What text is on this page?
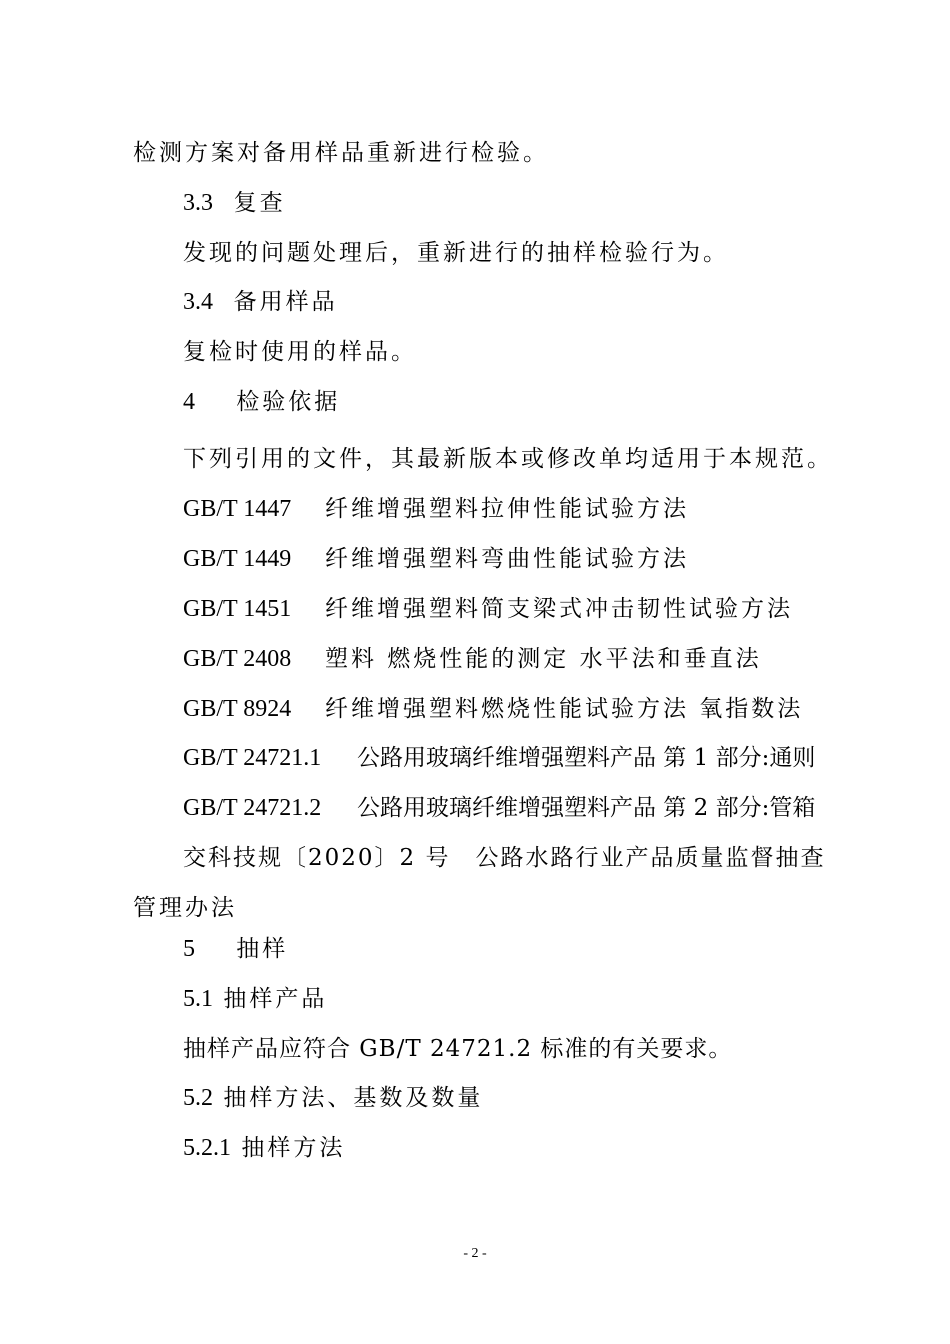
检测方案对备用样品重新进行检验。
3.3 复查
发现的问题处理后，重新进行的抽样检验行为。
3.4 备用样品
复检时使用的样品。
4 检验依据
下列引用的文件，其最新版本或修改单均适用于本规范。
GB/T 1447 纤维增强塑料拉伸性能试验方法
GB/T 1449 纤维增强塑料弯曲性能试验方法
GB/T 1451 纤维增强塑料简支梁式冲击韧性试验方法
GB/T 2408 塑料 燃烧性能的测定 水平法和垂直法
GB/T 8924 纤维增强塑料燃烧性能试验方法 氧指数法
GB/T 24721.1 公路用玻璃纤维增强塑料产品 第 1 部分:通则
GB/T 24721.2 公路用玻璃纤维增强塑料产品 第 2 部分:管箱
交科技规〔2020〕2 号　公路水路行业产品质量监督抽查
管理办法
5 抽样
5.1 抽样产品
抽样产品应符合 GB/T 24721.2 标准的有关要求。
5.2 抽样方法、基数及数量
5.2.1 抽样方法
- 2 -
